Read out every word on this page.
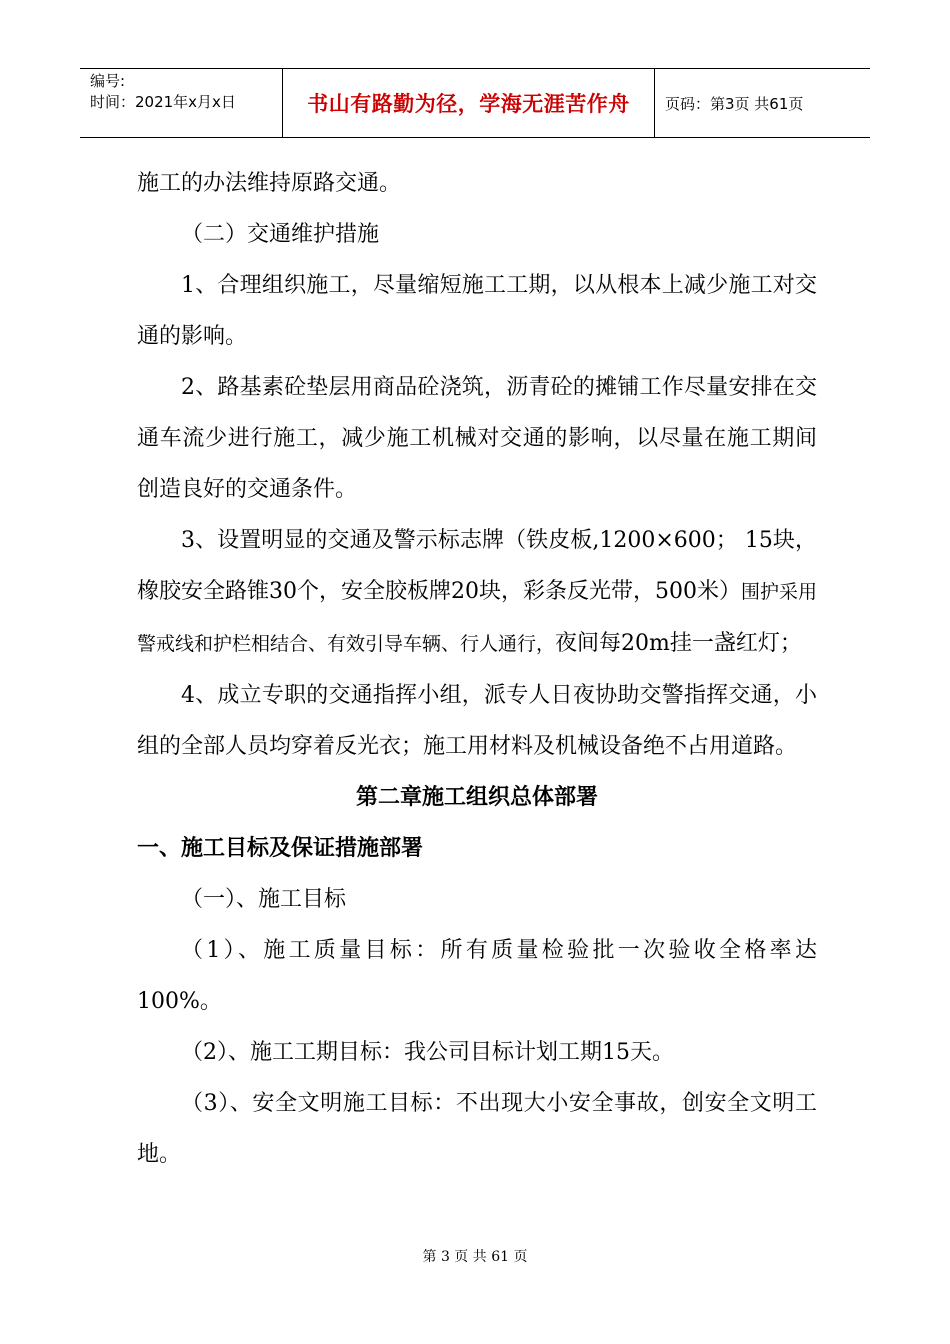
编号:
时间：2021年x月x日	书山有路勤为径，学海无涯苦作舟	页码：第3页 共61页

施工的办法维持原路交通。

（二）交通维护措施

1、合理组织施工，尽量缩短施工工期，以从根本上减少施工对交通的影响。

2、路基素砼垫层用商品砼浇筑，沥青砼的摊铺工作尽量安排在交通车流少进行施工，减少施工机械对交通的影响，以尽量在施工期间创造良好的交通条件。

3、设置明显的交通及警示标志牌（铁皮板,1200×600； 15块，橡胶安全路锥30个，安全胶板牌20块，彩条反光带，500米）围护采用警戒线和护栏相结合、有效引导车辆、行人通行，夜间每20m挂一盏红灯；

4、成立专职的交通指挥小组，派专人日夜协助交警指挥交通，小组的全部人员均穿着反光衣；施工用材料及机械设备绝不占用道路。

第二章施工组织总体部署

一、施工目标及保证措施部署

（一）、施工目标

（1）、施工质量目标：所有质量检验批一次验收全格率达100%。

（2）、施工工期目标：我公司目标计划工期15天。

（3）、安全文明施工目标：不出现大小安全事故，创安全文明工地。

第 3 页 共 61 页
